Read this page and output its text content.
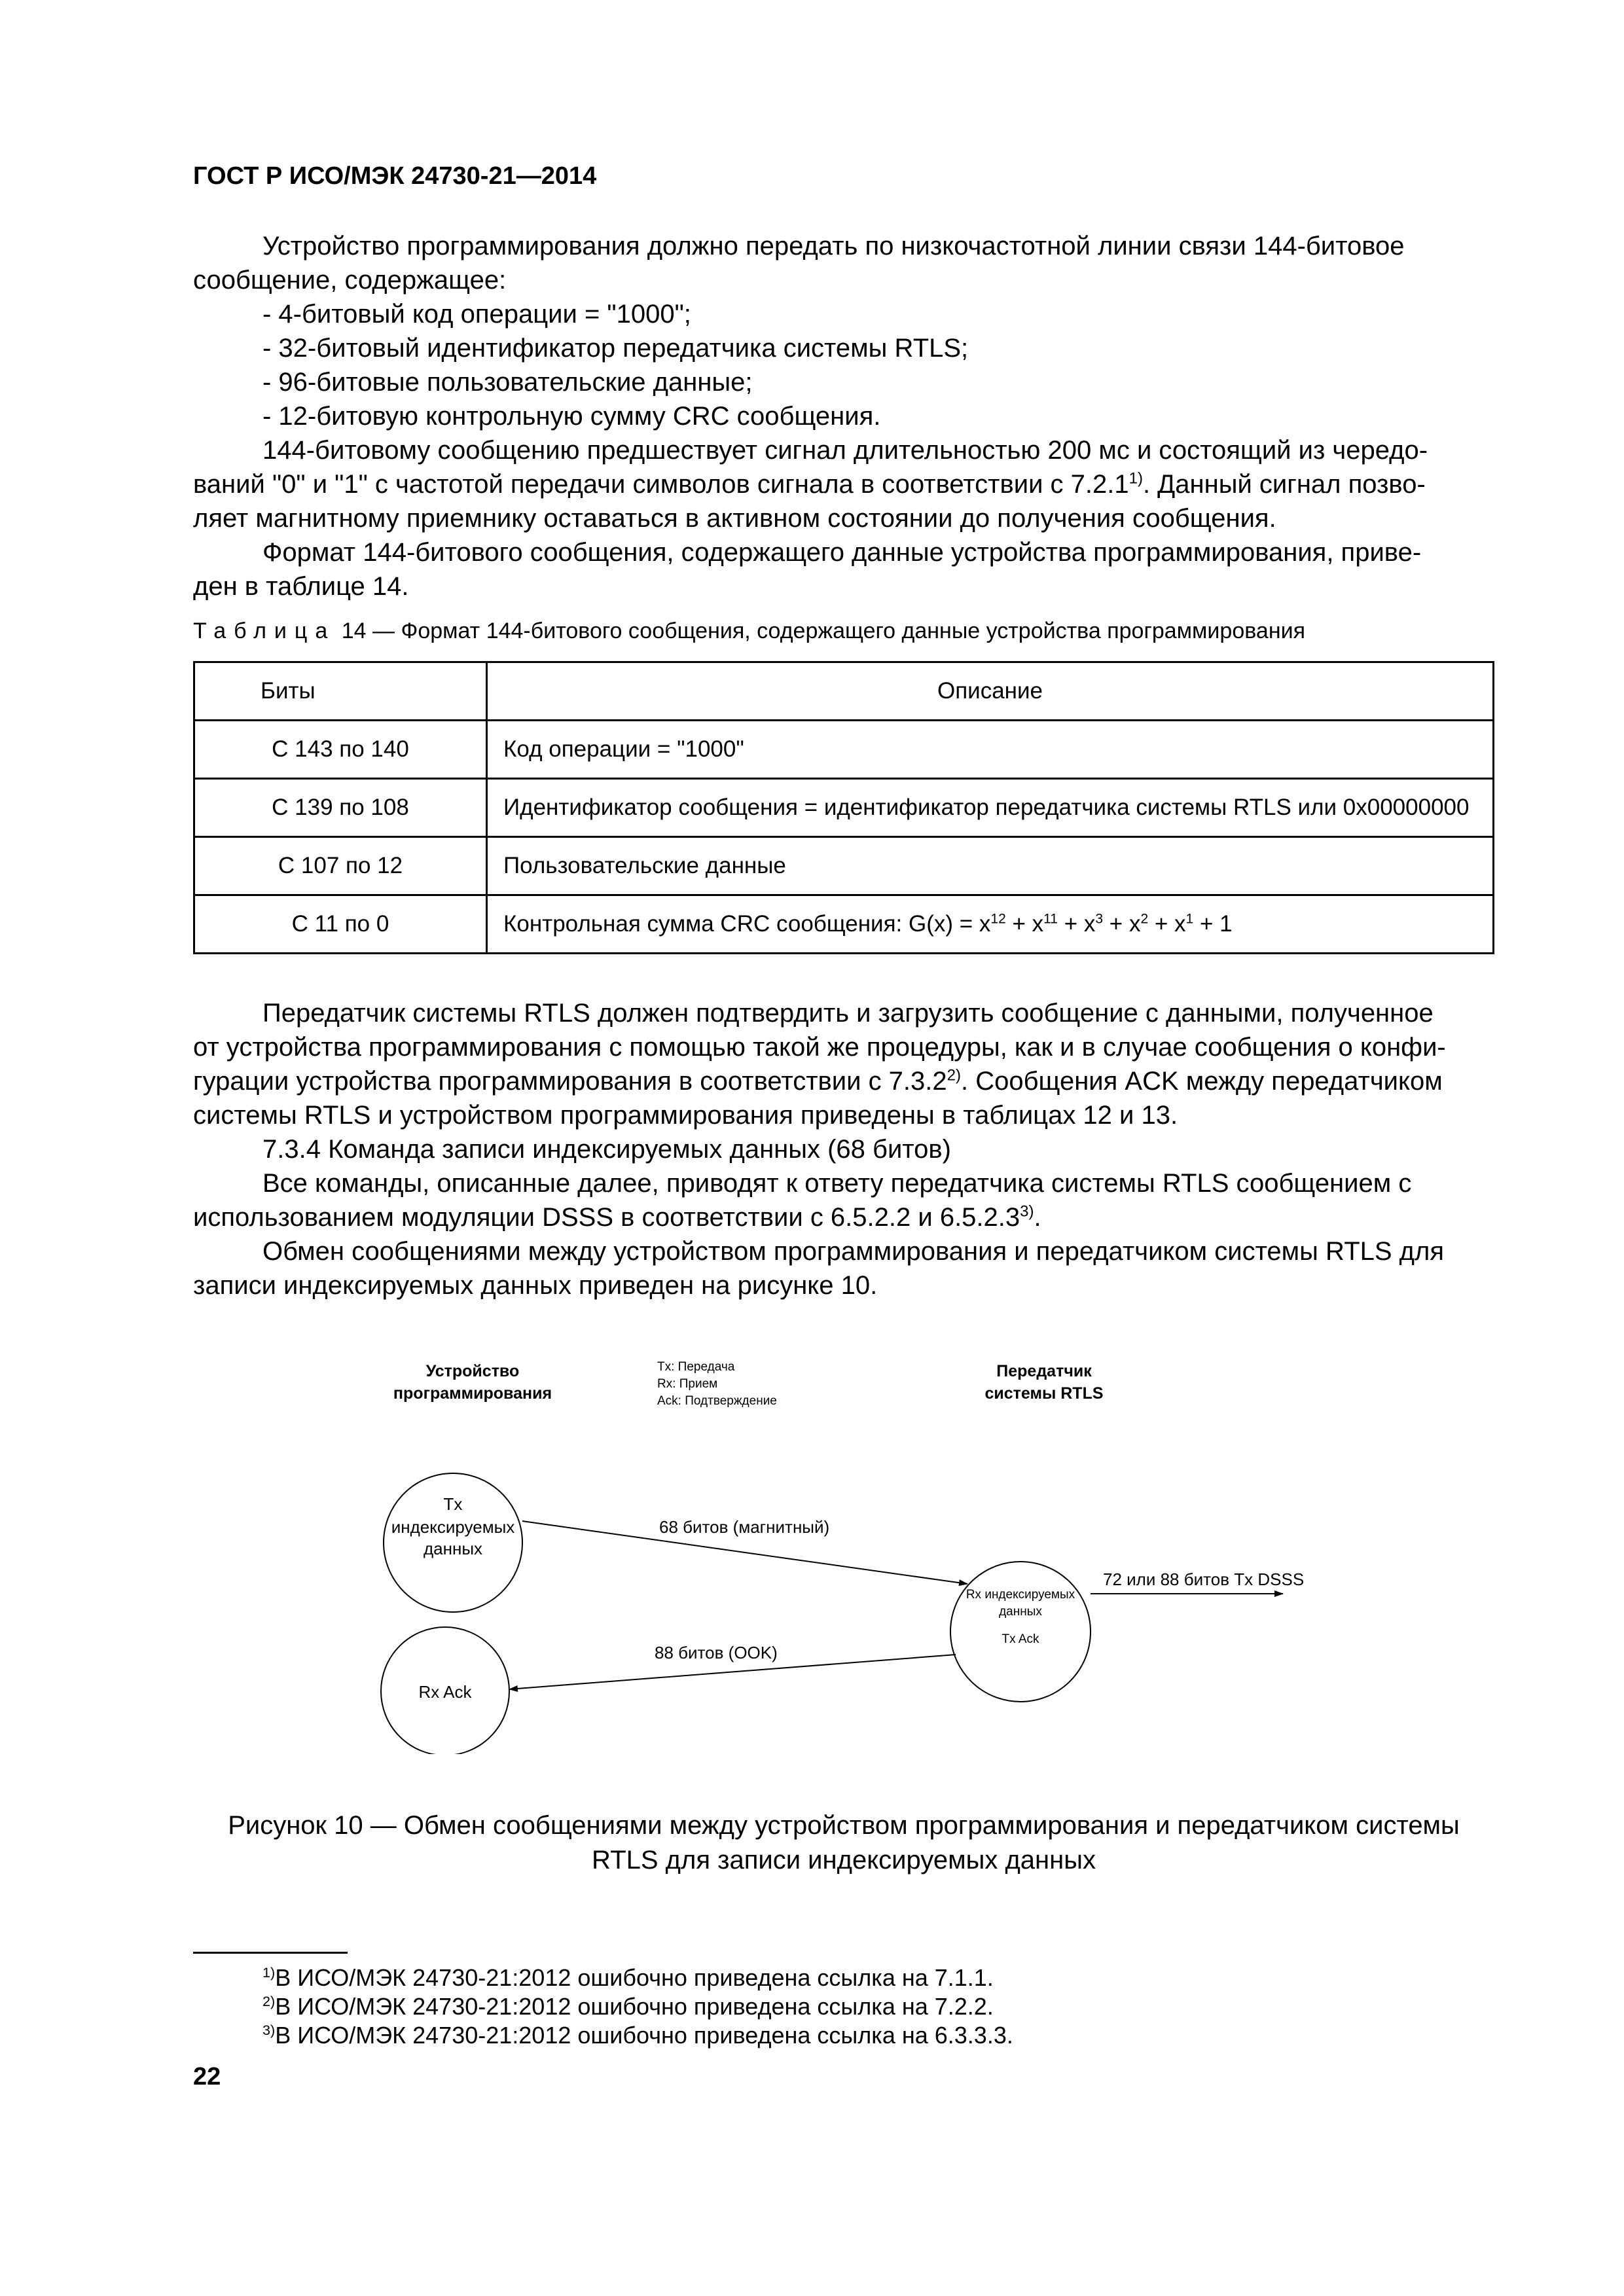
ГОСТ Р ИСО/МЭК 24730-21—2014
Устройство программирования должно передать по низкочастотной линии связи 144-битовое
сообщение, содержащее:
- 4-битовый код операции = "1000";
- 32-битовый идентификатор передатчика системы RTLS;
- 96-битовые пользовательские данные;
- 12-битовую контрольную сумму CRC сообщения.
144-битовому сообщению предшествует сигнал длительностью 200 мс и состоящий из чередо-
ваний "0" и "1" с частотой передачи символов сигнала в соответствии с 7.2.1$^{1)}$. Данный сигнал позво-
ляет магнитному приемнику оставаться в активном состоянии до получения сообщения.
Формат 144-битового сообщения, содержащего данные устройства программирования, приве-
ден в таблице 14.
Таблица 14 — Формат 144-битового сообщения, содержащего данные устройства программирования
Биты	Описание
С 143 по 140	Код операции = "1000"
С 139 по 108	Идентификатор сообщения = идентификатор передатчика системы RTLS или 0x00000000
С 107 по 12	Пользовательские данные
С 11 по 0	Контрольная сумма CRC сообщения: $G(x) = x^{12} + x^{11} + x^3 + x^2 + x^1 + 1$
Передатчик системы RTLS должен подтвердить и загрузить сообщение с данными, полученное
от устройства программирования с помощью такой же процедуры, как и в случае сообщения о конфи-
гурации устройства программирования в соответствии с 7.3.2$^{2)}$. Сообщения ACK между передатчиком
системы RTLS и устройством программирования приведены в таблицах 12 и 13.
7.3.4 Команда записи индексируемых данных (68 битов)
Все команды, описанные далее, приводят к ответу передатчика системы RTLS сообщением с
использованием модуляции DSSS в соответствии с 6.5.2.2 и 6.5.2.3$^{3)}$.
Обмен сообщениями между устройством программирования и передатчиком системы RTLS для
записи индексируемых данных приведен на рисунке 10.
Устройство
программирования
Tx: Передача
Rx: Прием
Ack: Подтверждение
Передатчик
системы RTLS
Tx
индексируемых
данных
Rx Ack
Rx индексируемых
данных
Tx Ack
68 битов (магнитный)
88 битов (OOK)
72 или 88 битов Tx DSSS
Рисунок 10 — Обмен сообщениями между устройством программирования и передатчиком системы
RTLS для записи индексируемых данных
$^{1)}$В ИСО/МЭК 24730-21:2012 ошибочно приведена ссылка на 7.1.1.
$^{2)}$В ИСО/МЭК 24730-21:2012 ошибочно приведена ссылка на 7.2.2.
$^{3)}$В ИСО/МЭК 24730-21:2012 ошибочно приведена ссылка на 6.3.3.3.
22
